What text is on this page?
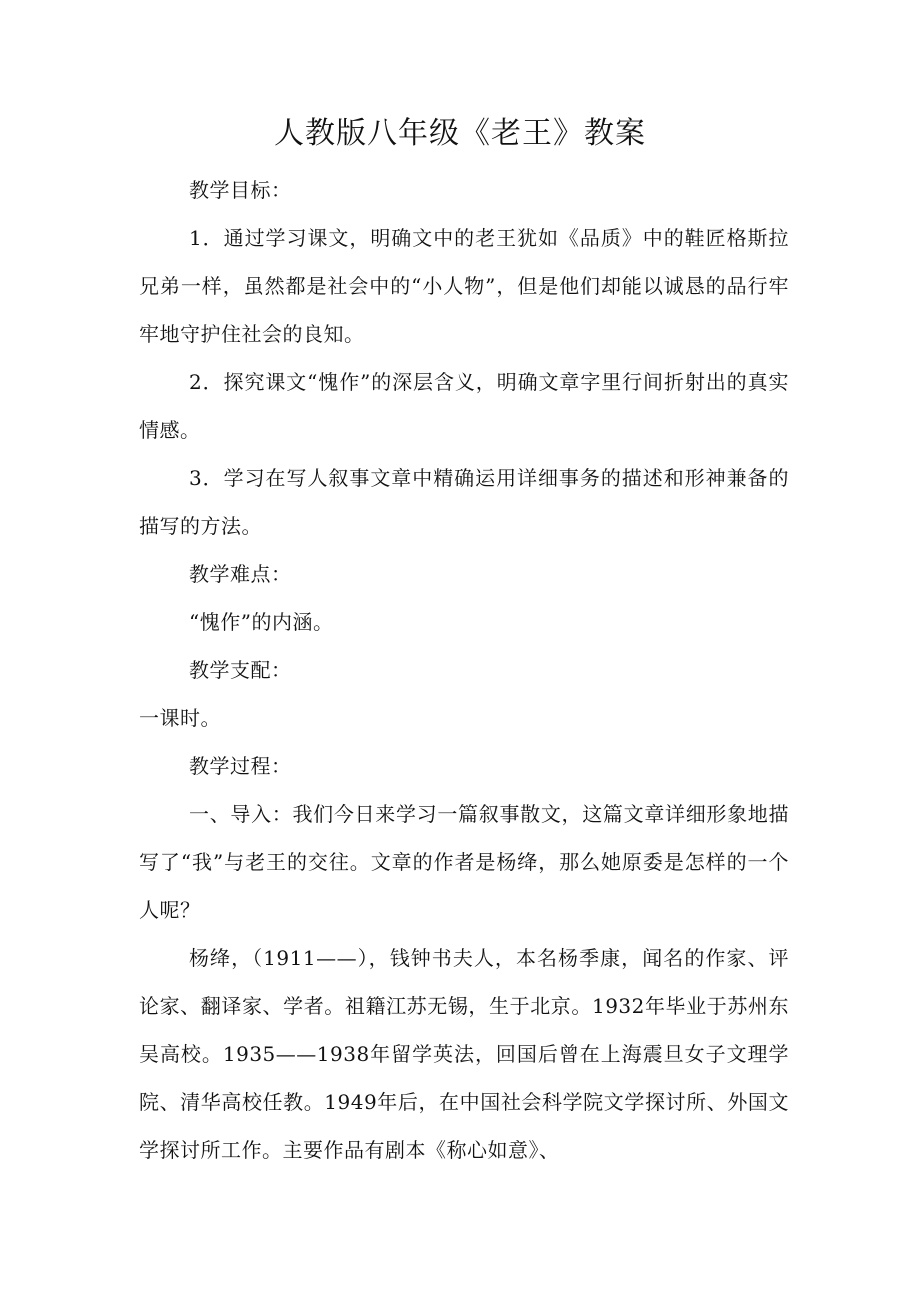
人教版八年级《老王》教案

教学目标：

1．通过学习课文，明确文中的老王犹如《品质》中的鞋匠格斯拉兄弟一样，虽然都是社会中的“小人物”，但是他们却能以诚恳的品行牢牢地守护住社会的良知。

2．探究课文“愧作”的深层含义，明确文章字里行间折射出的真实情感。

3．学习在写人叙事文章中精确运用详细事务的描述和形神兼备的描写的方法。

教学难点：

“愧作”的内涵。

教学支配：

一课时。

教学过程：

一、导入：我们今日来学习一篇叙事散文，这篇文章详细形象地描写了“我”与老王的交往。文章的作者是杨绛，那么她原委是怎样的一个人呢？

杨绛，（1911——），钱钟书夫人，本名杨季康，闻名的作家、评论家、翻译家、学者。祖籍江苏无锡，生于北京。1932年毕业于苏州东吴高校。1935——1938年留学英法，回国后曾在上海震旦女子文理学院、清华高校任教。1949年后，在中国社会科学院文学探讨所、外国文学探讨所工作。主要作品有剧本《称心如意》、
